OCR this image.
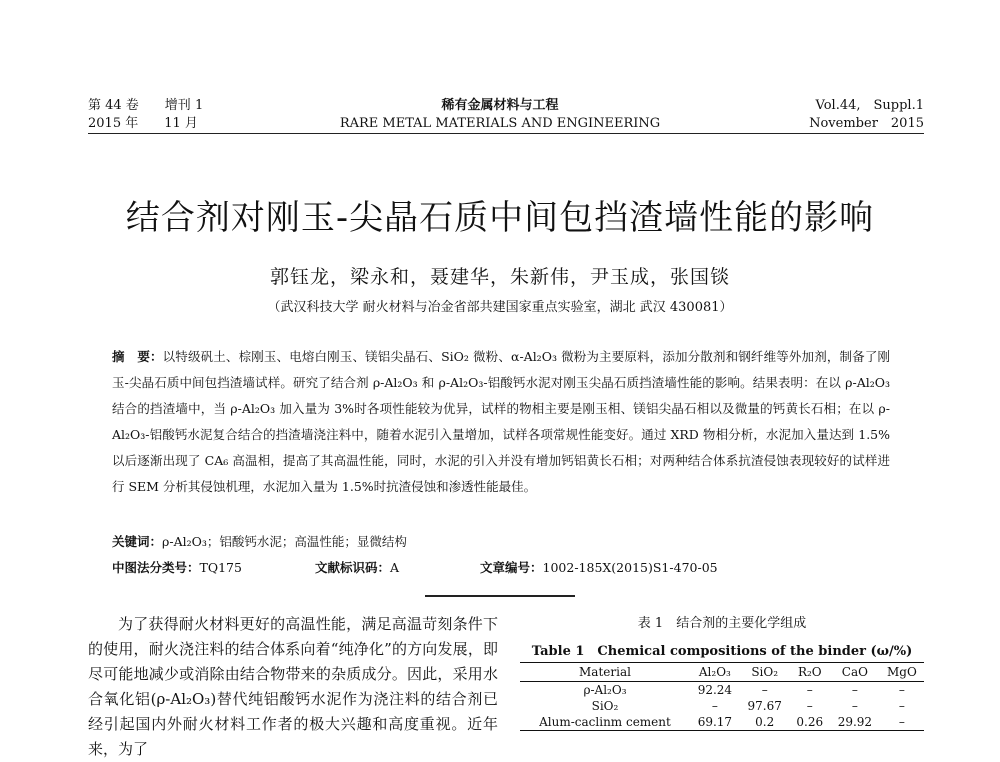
第 44 卷　　增刊 1
2015 年　　11 月
稀有金属材料与工程
RARE METAL MATERIALS AND ENGINEERING
Vol.44,　Suppl.1
November　2015
结合剂对刚玉-尖晶石质中间包挡渣墙性能的影响
郭钰龙，梁永和，聂建华，朱新伟，尹玉成，张国锬
（武汉科技大学 耐火材料与冶金省部共建国家重点实验室，湖北 武汉 430081）
摘　要：以特级矾土、棕刚玉、电熔白刚玉、镁铝尖晶石、SiO₂ 微粉、α-Al₂O₃ 微粉为主要原料，添加分散剂和钢纤维等外加剂，制备了刚玉-尖晶石质中间包挡渣墙试样。研究了结合剂 ρ-Al₂O₃ 和 ρ-Al₂O₃-铝酸钙水泥对刚玉尖晶石质挡渣墙性能的影响。结果表明：在以 ρ-Al₂O₃ 结合的挡渣墙中，当 ρ-Al₂O₃ 加入量为 3%时各项性能较为优异，试样的物相主要是刚玉相、镁铝尖晶石相以及微量的钙黄长石相；在以 ρ-Al₂O₃-铝酸钙水泥复合结合的挡渣墙浇注料中，随着水泥引入量增加，试样各项常规性能变好。通过 XRD 物相分析，水泥加入量达到 1.5%以后逐渐出现了 CA₆ 高温相，提高了其高温性能，同时，水泥的引入并没有增加钙铝黄长石相；对两种结合体系抗渣侵蚀表现较好的试样进行 SEM 分析其侵蚀机理，水泥加入量为 1.5%时抗渣侵蚀和渗透性能最佳。
关键词：ρ-Al₂O₃；铝酸钙水泥；高温性能；显微结构
中图法分类号：TQ175	文献标识码：A	文章编号：1002-185X(2015)S1-470-05
为了获得耐火材料更好的高温性能，满足高温苛刻条件下的使用，耐火浇注料的结合体系向着“纯净化”的方向发展，即尽可能地减少或消除由结合物带来的杂质成分。因此，采用水合氧化铝(ρ-Al₂O₃)替代纯铝酸钙水泥作为浇注料的结合剂已经引起国内外耐火材料工作者的极大兴趣和高度重视。近年来，为了
表 1　结合剂的主要化学组成
Table 1　Chemical compositions of the binder (ω/%)
Material	Al₂O₃	SiO₂	R₂O	CaO	MgO
ρ-Al₂O₃	92.24	–	–	–	–
SiO₂	–	97.67	–	–	–
Alum-caclinm cement	69.17	0.2	0.26	29.92	–
